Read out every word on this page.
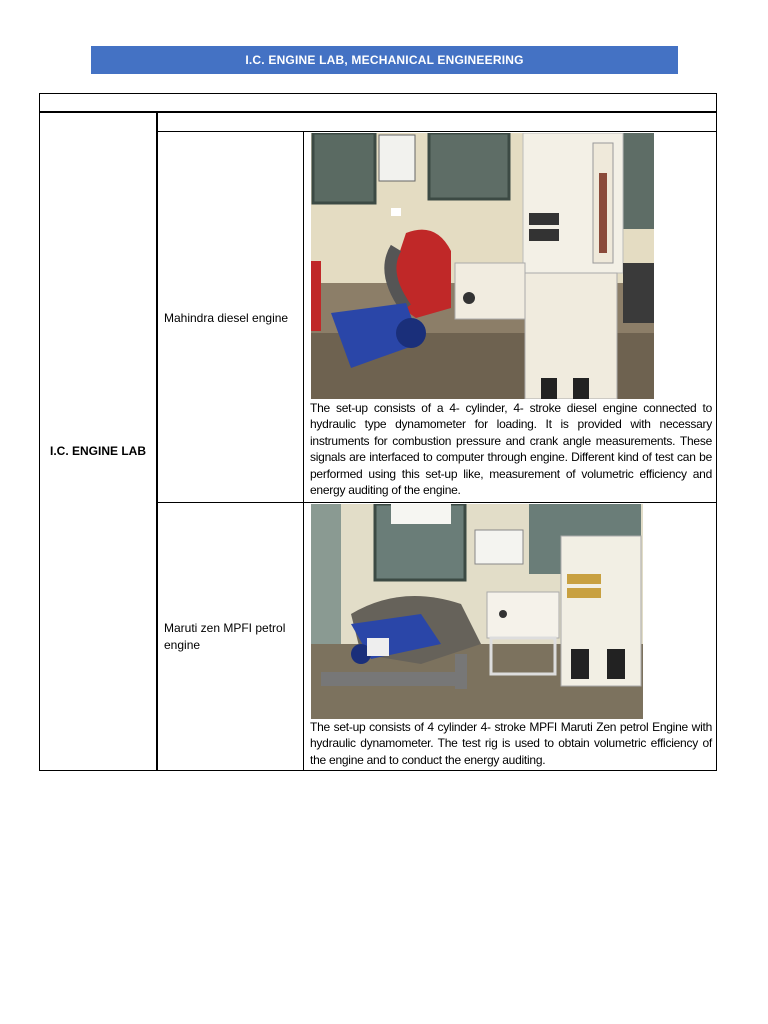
I.C. ENGINE LAB, MECHANICAL ENGINEERING
I.C. ENGINE LAB
Mahindra diesel engine
The set-up consists of a 4- cylinder, 4- stroke diesel engine connected to hydraulic type dynamometer for loading. It is provided with necessary instruments for combustion pressure and crank angle measurements. These signals are interfaced to computer through engine. Different kind of test can be performed using this set-up like, measurement of volumetric efficiency and energy auditing of the engine.
Maruti zen MPFI petrol engine
The set-up consists of 4 cylinder 4- stroke MPFI Maruti Zen petrol Engine with hydraulic dynamometer. The test rig is used to obtain volumetric efficiency of the engine and to conduct the energy auditing.
